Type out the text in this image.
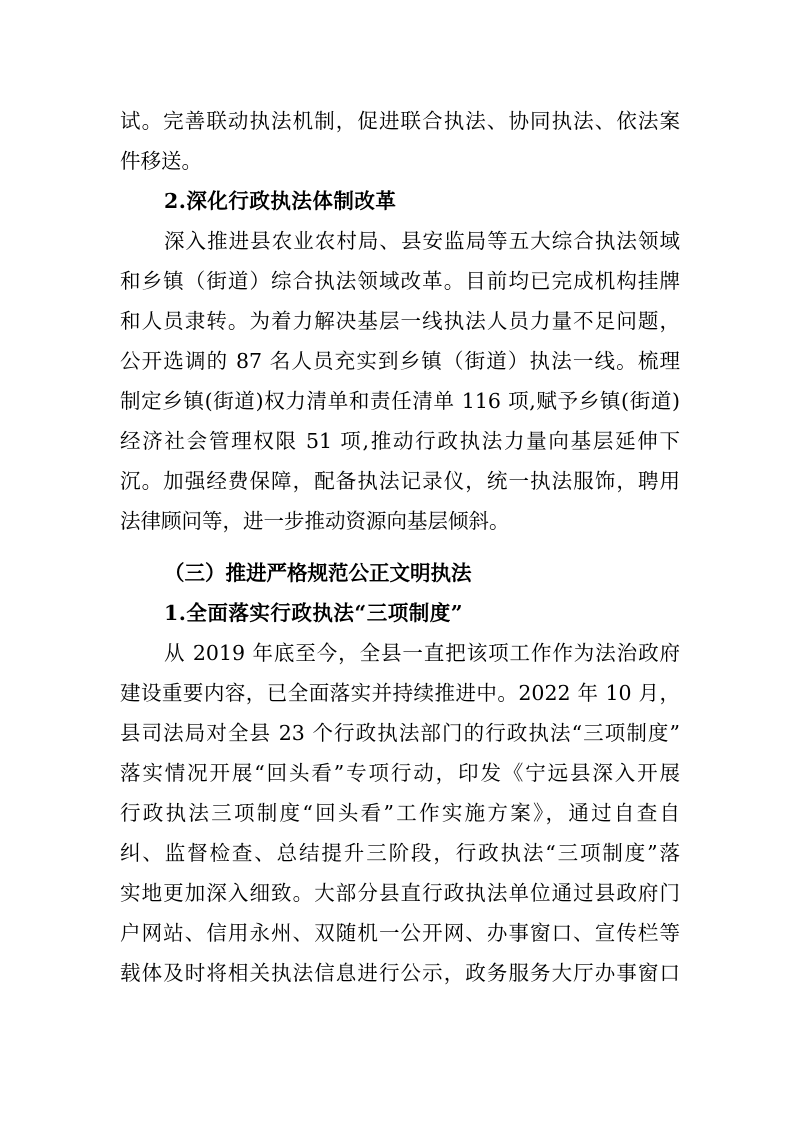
试。完善联动执法机制，促进联合执法、协同执法、依法案
件移送。
2.深化行政执法体制改革
深入推进县农业农村局、县安监局等五大综合执法领域
和乡镇（街道）综合执法领域改革。目前均已完成机构挂牌
和人员隶转。为着力解决基层一线执法人员力量不足问题，
公开选调的 87 名人员充实到乡镇（街道）执法一线。梳理
制定乡镇(街道)权力清单和责任清单 116 项,赋予乡镇(街道)
经济社会管理权限 51 项,推动行政执法力量向基层延伸下
沉。加强经费保障，配备执法记录仪，统一执法服饰，聘用
法律顾问等，进一步推动资源向基层倾斜。
（三）推进严格规范公正文明执法
1.全面落实行政执法“三项制度”
从 2019 年底至今，全县一直把该项工作作为法治政府
建设重要内容，已全面落实并持续推进中。2022 年 10 月，
县司法局对全县 23 个行政执法部门的行政执法“三项制度”
落实情况开展“回头看”专项行动，印发《宁远县深入开展
行政执法三项制度“回头看”工作实施方案》，通过自查自
纠、监督检查、总结提升三阶段，行政执法“三项制度”落
实地更加深入细致。大部分县直行政执法单位通过县政府门
户网站、信用永州、双随机一公开网、办事窗口、宣传栏等
载体及时将相关执法信息进行公示，政务服务大厅办事窗口
